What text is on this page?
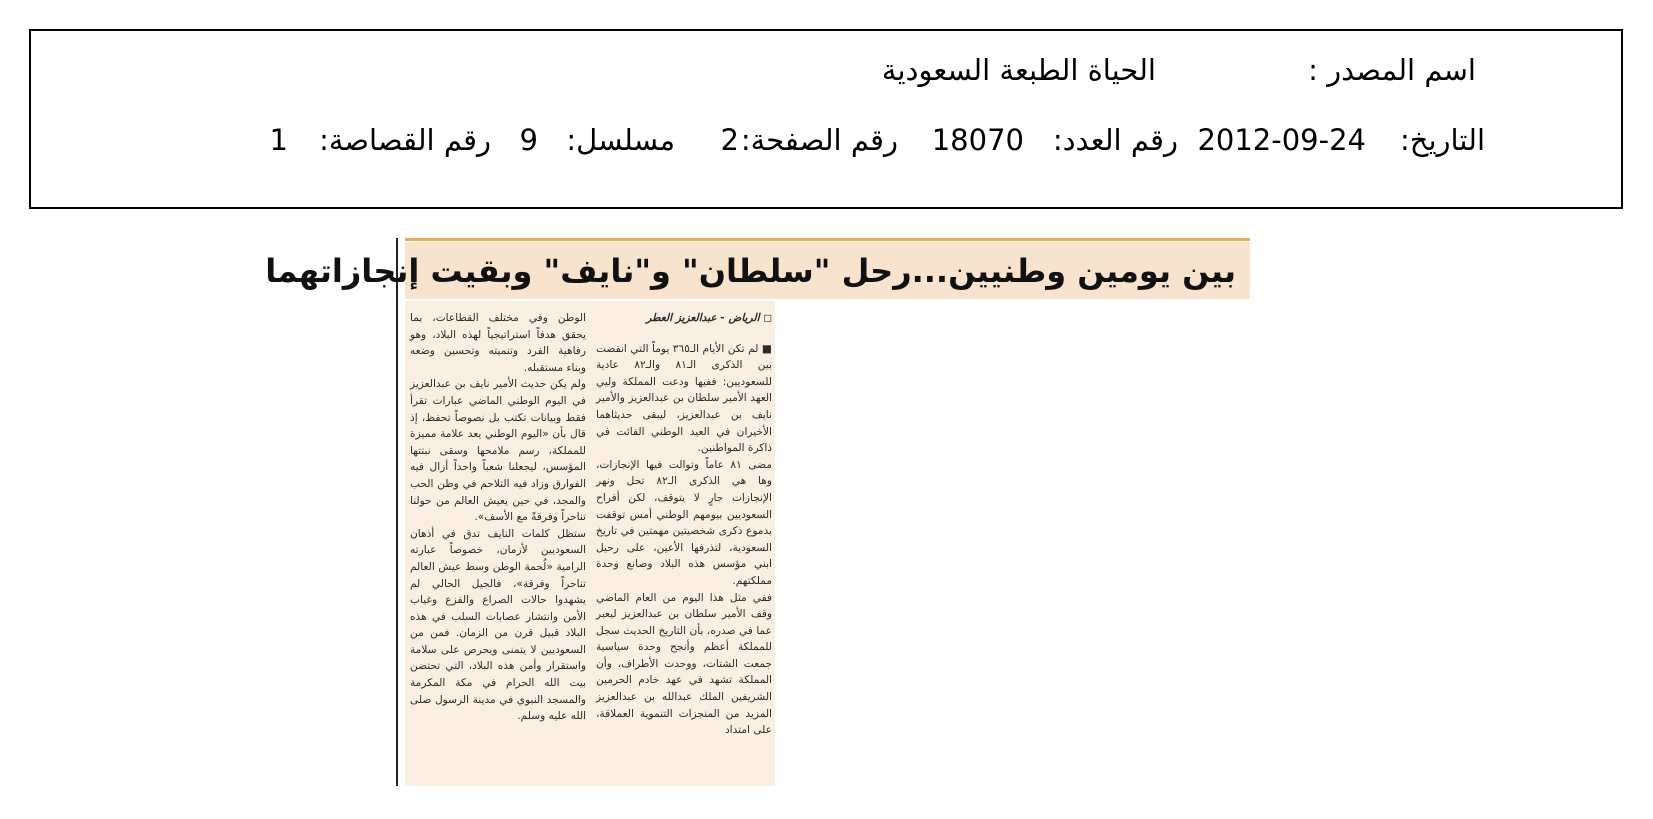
اسم المصدر :
الحياة الطبعة السعودية
التاريخ:
2012-09-24
رقم العدد:
18070
رقم الصفحة:
2
مسلسل:
9
رقم القصاصة:
1
بين يومين وطنيين...رحل "سلطان" و"نايف" وبقيت إنجازاتهما

◻ الرياض - عبدالعزيز العطر

■ لم تكن الأيام الـ٣٦٥ يوماً التي انقضت بين الذكرى الـ٨١ والـ٨٢ عادية للسعوديين: ففيها ودعت المملكة وليي العهد الأمير سلطان بن عبدالعزيز والأمير نايف بن عبدالعزيز، ليبقى حديثاهما الأخيران في العيد الوطني الفائت في ذاكرة المواطنين.

مضى ٨١ عاماً وتوالت فيها الإنجازات، وها هي الذكرى الـ٨٢ تحل ونهر الإنجازات جارٍ لا يتوقف، لكن أفراح السعوديين بيومهم الوطني أمس توقفت بدموع ذكرى شخصيتين مهمتين في تاريخ السعودية، لتذرفها الأعين، على رحيل ابني مؤسس هذه البلاد وصانع وحدة مملكتهم.

ففي مثل هذا اليوم من العام الماضي وقف الأمير سلطان بن عبدالعزيز ليعبر عما في صدره، بأن التاريخ الحديث سجل للمملكة أعظم وأنجح وحدة سياسية جمعت الشتات، ووحدت الأطراف، وأن المملكة تشهد في عهد خادم الحرمين الشريفين الملك عبدالله بن عبدالعزيز المزيد من المنجزات التنموية العملاقة، على امتداد

الوطن وفي مختلف القطاعات، بما يحقق هدفاً استراتيجياً لهذه البلاد، وهو رفاهية الفرد وتنميته وتحسين وضعه وبناء مستقبله.

ولم يكن حديث الأمير نايف بن عبدالعزيز في اليوم الوطني الماضي عبارات تقرأ فقط وبيانات تكتب بل نصوصاً تحفظ، إذ قال بأن «اليوم الوطني يعد علامة مميزة للمملكة، رسم ملامحها وسقى نبتتها المؤسس، ليجعلنا شعباً واحداً أزال فيه الفوارق وزاد فيه التلاحم في وطن الحب والمجد، في حين يعيش العالم من حولنا تناحراً وفرقةً مع الأسف».

ستظل كلمات النايف تدق في أذهان السعوديين لأزمان، خصوصاً عبارته الرامية «لُحمة الوطن وسط عيش العالم تناحراً وفرقة»، فالجيل الحالي لم يشهدوا حالات الصراع والفزع وغياب الأمن وانتشار عصابات السلب في هذه البلاد قبيل قرن من الزمان. فمن من السعوديين لا يتمنى ويحرص على سلامة واستقرار وأمن هذه البلاد، التي تحتضن بيت الله الحرام في مكة المكرمة والمسجد النبوي في مدينة الرسول صلى الله عليه وسلم.
